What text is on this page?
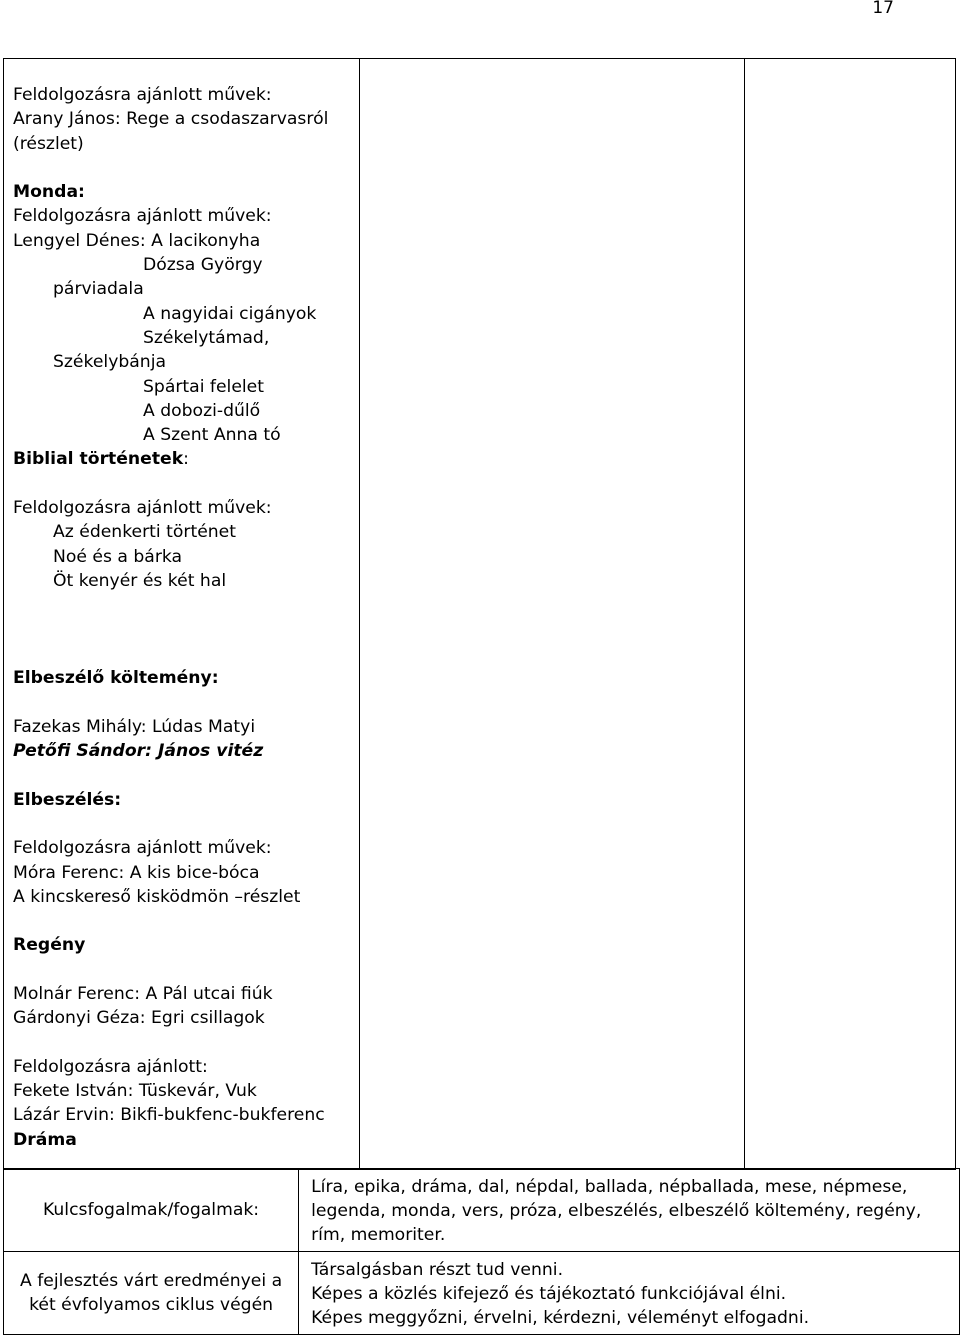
17
Feldolgozásra ajánlott művek:
Arany János: Rege a csodaszarvasról
(részlet)
Monda:
Feldolgozásra ajánlott művek:
Lengyel Dénes: A lacikonyha
Dózsa György
párviadala
A nagyidai cigányok
Székelytámad,
Székelybánja
Spártai felelet
A dobozi-dűlő
A Szent Anna tó
Biblial történetek:
Feldolgozásra ajánlott művek:
Az édenkerti történet
Noé és a bárka
Öt kenyér és két hal
Elbeszélő költemény:
Fazekas Mihály: Lúdas Matyi
Petőfi Sándor: János vitéz
Elbeszélés:
Feldolgozásra ajánlott művek:
Móra Ferenc: A kis bice-bóca
A kincskereső kisködmön –részlet
Regény
Molnár Ferenc: A Pál utcai fiúk
Gárdonyi Géza: Egri csillagok
Feldolgozásra ajánlott:
Fekete István: Tüskevár, Vuk
Lázár Ervin: Bikfi-bukfenc-bukferenc
Dráma

Kulcsfogalmak/fogalmak:	Líra, epika, dráma, dal, népdal, ballada, népballada, mese, népmese, legenda, monda, vers, próza, elbeszélés, elbeszélő költemény, regény, rím, memoriter.
A fejlesztés várt eredményei a két évfolyamos ciklus végén	Társalgásban részt tud venni.
Képes a közlés kifejező és tájékoztató funkciójával élni.
Képes meggyőzni, érvelni, kérdezni, véleményt elfogadni.
